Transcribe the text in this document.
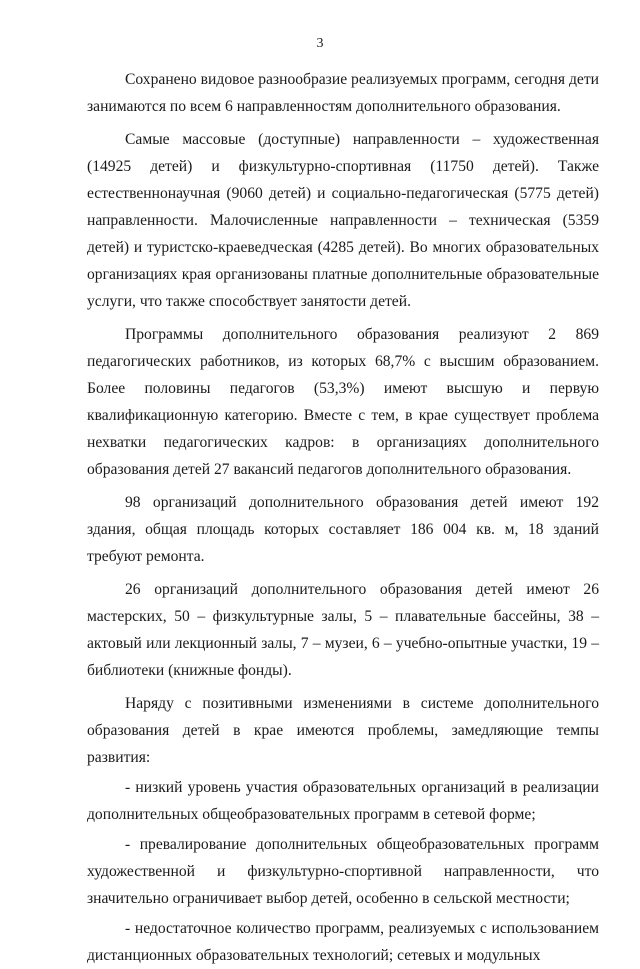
3

Сохранено видовое разнообразие реализуемых программ, сегодня дети занимаются по всем 6 направленностям дополнительного образования.

Самые массовые (доступные) направленности – художественная (14925 детей) и физкультурно-спортивная (11750 детей). Также естественнонаучная (9060 детей) и социально-педагогическая (5775 детей) направленности. Малочисленные направленности – техническая (5359 детей) и туристско-краеведческая (4285 детей). Во многих образовательных организациях края организованы платные дополнительные образовательные услуги, что также способствует занятости детей.

Программы дополнительного образования реализуют 2 869 педагогических работников, из которых 68,7% с высшим образованием. Более половины педагогов (53,3%) имеют высшую и первую квалификационную категорию. Вместе с тем, в крае существует проблема нехватки педагогических кадров: в организациях дополнительного образования детей 27 вакансий педагогов дополнительного образования.

98 организаций дополнительного образования детей имеют 192 здания, общая площадь которых составляет 186 004 кв. м, 18 зданий требуют ремонта.

26 организаций дополнительного образования детей имеют 26 мастерских, 50 – физкультурные залы, 5 – плавательные бассейны, 38 – актовый или лекционный залы, 7 – музеи, 6 – учебно-опытные участки, 19 – библиотеки (книжные фонды).

Наряду с позитивными изменениями в системе дополнительного образования детей в крае имеются проблемы, замедляющие темпы развития:

- низкий уровень участия образовательных организаций в реализации дополнительных общеобразовательных программ в сетевой форме;

- превалирование дополнительных общеобразовательных программ художественной и физкультурно-спортивной направленности, что значительно ограничивает выбор детей, особенно в сельской местности;

- недостаточное количество программ, реализуемых с использованием дистанционных образовательных технологий; сетевых и модульных
